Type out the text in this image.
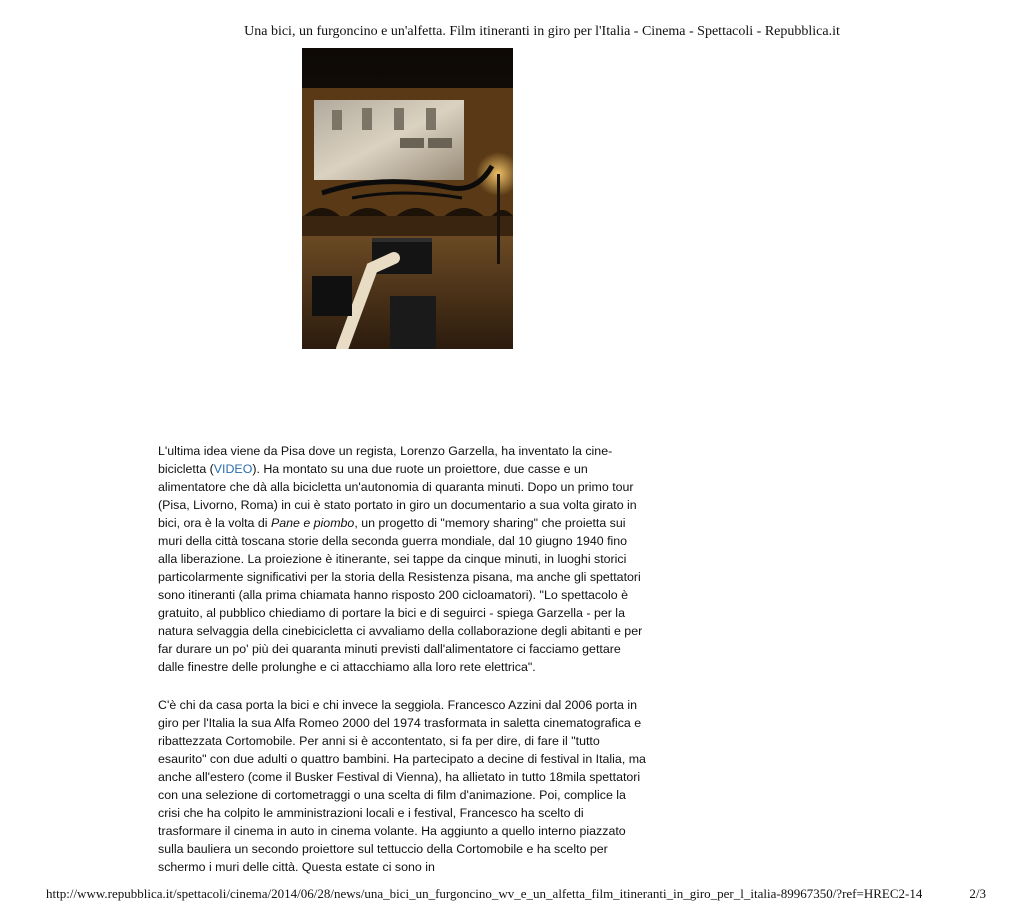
Una bici, un furgoncino e un'alfetta. Film itineranti in giro per l'Italia - Cinema - Spettacoli - Repubblica.it

L'ultima idea viene da Pisa dove un regista, Lorenzo Garzella, ha inventato la cine-bicicletta (VIDEO). Ha montato su una due ruote un proiettore, due casse e un alimentatore che dà alla bicicletta un'autonomia di quaranta minuti. Dopo un primo tour (Pisa, Livorno, Roma) in cui è stato portato in giro un documentario a sua volta girato in bici, ora è la volta di Pane e piombo, un progetto di "memory sharing" che proietta sui muri della città toscana storie della seconda guerra mondiale, dal 10 giugno 1940 fino alla liberazione. La proiezione è itinerante, sei tappe da cinque minuti, in luoghi storici particolarmente significativi per la storia della Resistenza pisana, ma anche gli spettatori sono itineranti (alla prima chiamata hanno risposto 200 cicloamatori). "Lo spettacolo è gratuito, al pubblico chiediamo di portare la bici e di seguirci - spiega Garzella - per la natura selvaggia della cinebicicletta ci avvaliamo della collaborazione degli abitanti e per far durare un po' più dei quaranta minuti previsti dall'alimentatore ci facciamo gettare dalle finestre delle prolunghe e ci attacchiamo alla loro rete elettrica".

C'è chi da casa porta la bici e chi invece la seggiola. Francesco Azzini dal 2006 porta in giro per l'Italia la sua Alfa Romeo 2000 del 1974 trasformata in saletta cinematografica e ribattezzata Cortomobile. Per anni si è accontentato, si fa per dire, di fare il "tutto esaurito" con due adulti o quattro bambini. Ha partecipato a decine di festival in Italia, ma anche all'estero (come il Busker Festival di Vienna), ha allietato in tutto 18mila spettatori con una selezione di cortometraggi o una scelta di film d'animazione. Poi, complice la crisi che ha colpito le amministrazioni locali e i festival, Francesco ha scelto di trasformare il cinema in auto in cinema volante. Ha aggiunto a quello interno piazzato sulla bauliera un secondo proiettore sul tettuccio della Cortomobile e ha scelto per schermo i muri delle città. Questa estate ci sono in

http://www.repubblica.it/spettacoli/cinema/2014/06/28/news/una_bici_un_furgoncino_wv_e_un_alfetta_film_itineranti_in_giro_per_l_italia-89967350/?ref=HREC2-14	2/3
